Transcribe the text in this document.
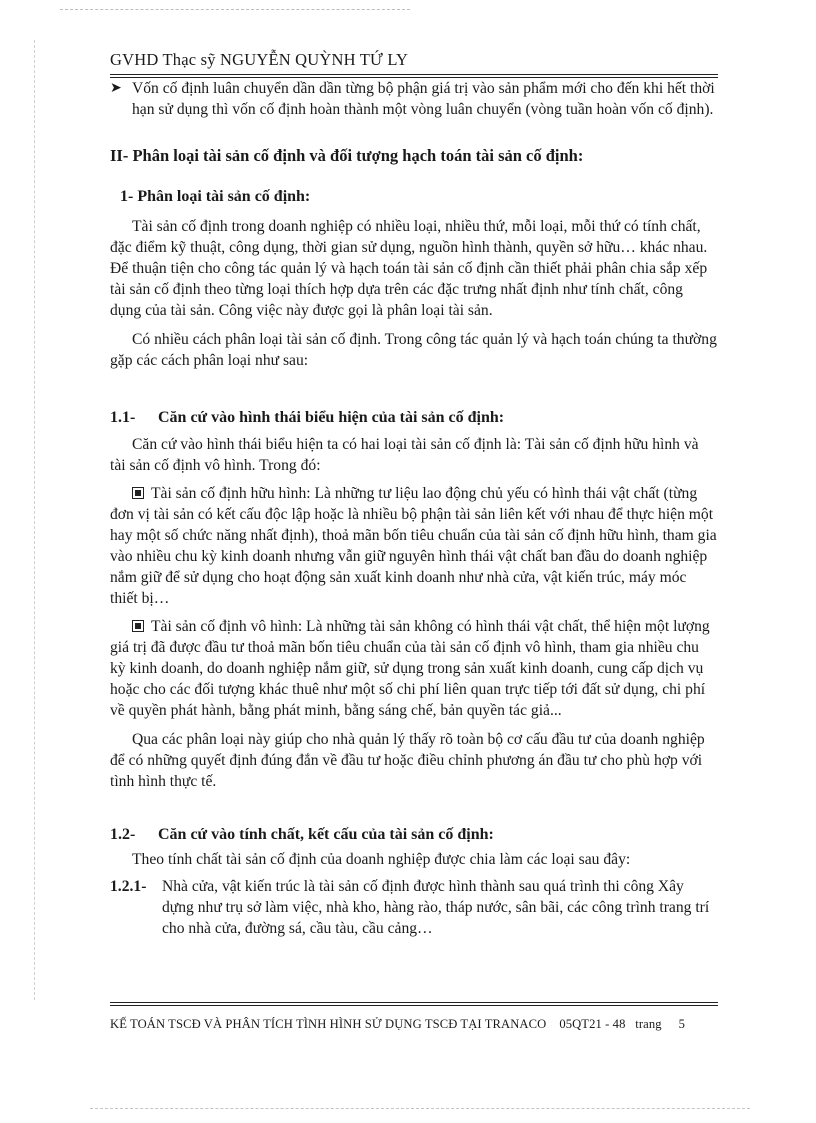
GVHD Thạc sỹ NGUYỄN QUỲNH TỨ LY
➤ Vốn cố định luân chuyển dần dần từng bộ phận giá trị vào sản phẩm mới cho đến khi hết thời hạn sử dụng thì vốn cố định hoàn thành một vòng luân chuyển (vòng tuần hoàn vốn cố định).

II- Phân loại tài sản cố định và đối tượng hạch toán tài sản cố định:
1- Phân loại tài sản cố định:

Tài sản cố định trong doanh nghiệp có nhiều loại, nhiều thứ, mỗi loại, mỗi thứ có tính chất, đặc điểm kỹ thuật, công dụng, thời gian sử dụng, nguồn hình thành, quyền sở hữu… khác nhau. Để thuận tiện cho công tác quản lý và hạch toán tài sản cố định cần thiết phải phân chia sắp xếp tài sản cố định theo từng loại thích hợp dựa trên các đặc trưng nhất định như tính chất, công dụng của tài sản. Công việc này được gọi là phân loại tài sản.

Có nhiều cách phân loại tài sản cố định. Trong công tác quản lý và hạch toán chúng ta thường gặp các cách phân loại như sau:

1.1-	Căn cứ vào hình thái biểu hiện của tài sản cố định:

Căn cứ vào hình thái biểu hiện ta có hai loại tài sản cố định là: Tài sản cố định hữu hình và tài sản cố định vô hình. Trong đó:

Tài sản cố định hữu hình: Là những tư liệu lao động chủ yếu có hình thái vật chất (từng đơn vị tài sản có kết cấu độc lập hoặc là nhiều bộ phận tài sản liên kết với nhau để thực hiện một hay một số chức năng nhất định), thoả mãn bốn tiêu chuẩn của tài sản cố định hữu hình, tham gia vào nhiều chu kỳ kinh doanh nhưng vẫn giữ nguyên hình thái vật chất ban đầu do doanh nghiệp nắm giữ để sử dụng cho hoạt động sản xuất kinh doanh như nhà cửa, vật kiến trúc, máy móc thiết bị…

Tài sản cố định vô hình: Là những tài sản không có hình thái vật chất, thể hiện một lượng giá trị đã được đầu tư thoả mãn bốn tiêu chuẩn của tài sản cố định vô hình, tham gia nhiều chu kỳ kinh doanh, do doanh nghiệp nắm giữ, sử dụng trong sản xuất kinh doanh, cung cấp dịch vụ hoặc cho các đối tượng khác thuê như một số chi phí liên quan trực tiếp tới đất sử dụng, chi phí về quyền phát hành, bằng phát minh, bằng sáng chế, bản quyền tác giả...

Qua các phân loại này giúp cho nhà quản lý thấy rõ toàn bộ cơ cấu đầu tư của doanh nghiệp để có những quyết định đúng đắn về đầu tư hoặc điều chỉnh phương án đầu tư cho phù hợp với tình hình thực tế.

1.2-	Căn cứ vào tính chất, kết cấu của tài sản cố định:

Theo tính chất tài sản cố định của doanh nghiệp được chia làm các loại sau đây:

1.2.1-	Nhà cửa, vật kiến trúc là tài sản cố định được hình thành sau quá trình thi công Xây dựng như trụ sở làm việc, nhà kho, hàng rào, tháp nước, sân bãi, các công trình trang trí cho nhà cửa, đường sá, cầu tàu, cầu cảng…

KẾ TOÁN TSCĐ VÀ PHÂN TÍCH TÌNH HÌNH SỬ DỤNG TSCĐ TẠI TRANACO 05QT21 - 48 trang 5
